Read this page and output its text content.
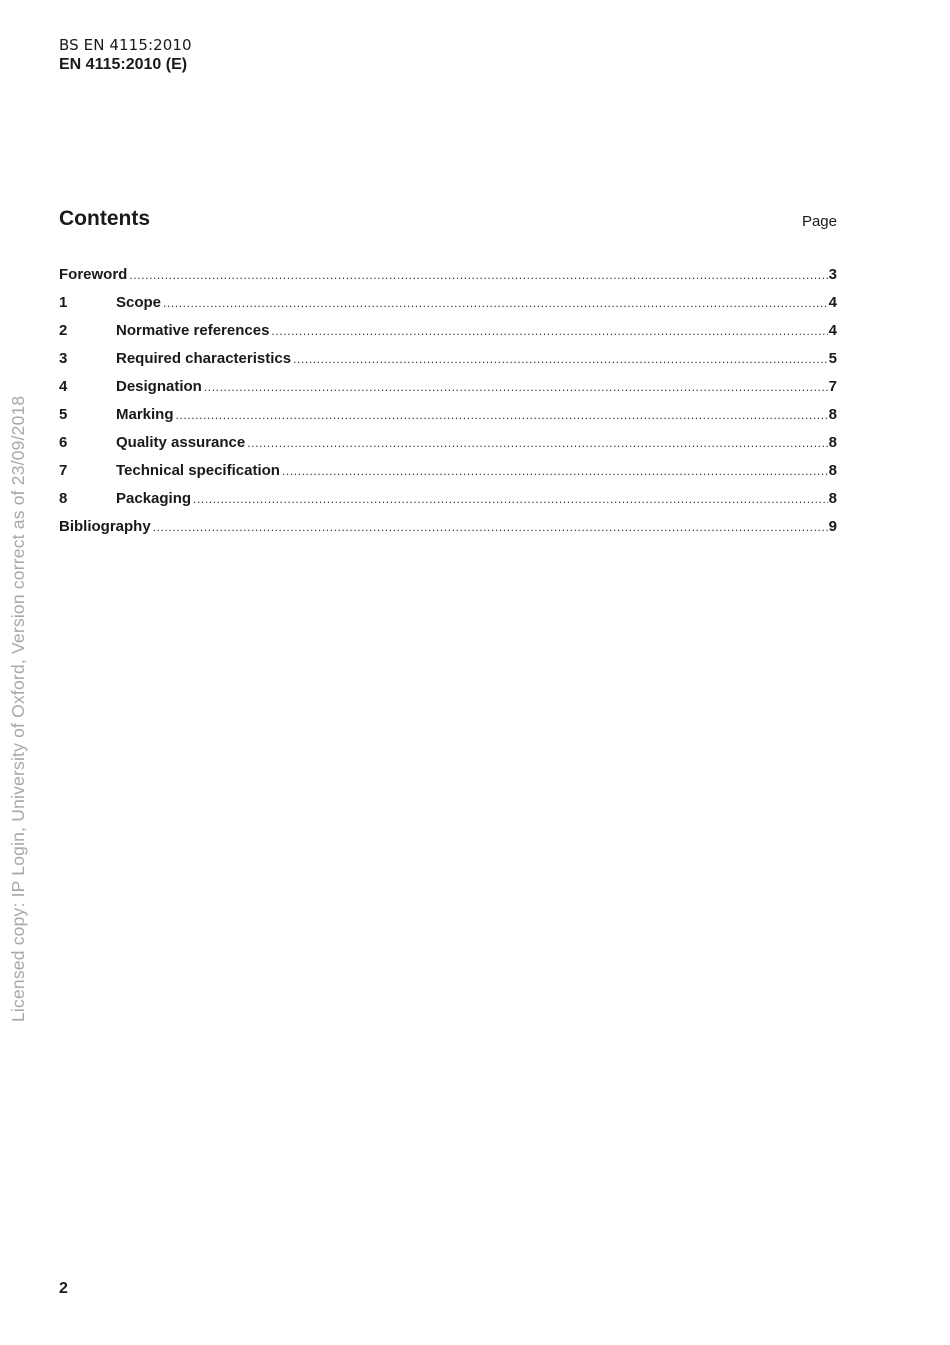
BS EN 4115:2010
EN 4115:2010 (E)
Contents	Page
Foreword .....	3
1	Scope .....	4
2	Normative references .....	4
3	Required characteristics .....	5
4	Designation .....	7
5	Marking .....	8
6	Quality assurance .....	8
7	Technical specification .....	8
8	Packaging .....	8
Bibliography .....	9
Licensed copy: IP Login, University of Oxford, Version correct as of 23/09/2018
2
